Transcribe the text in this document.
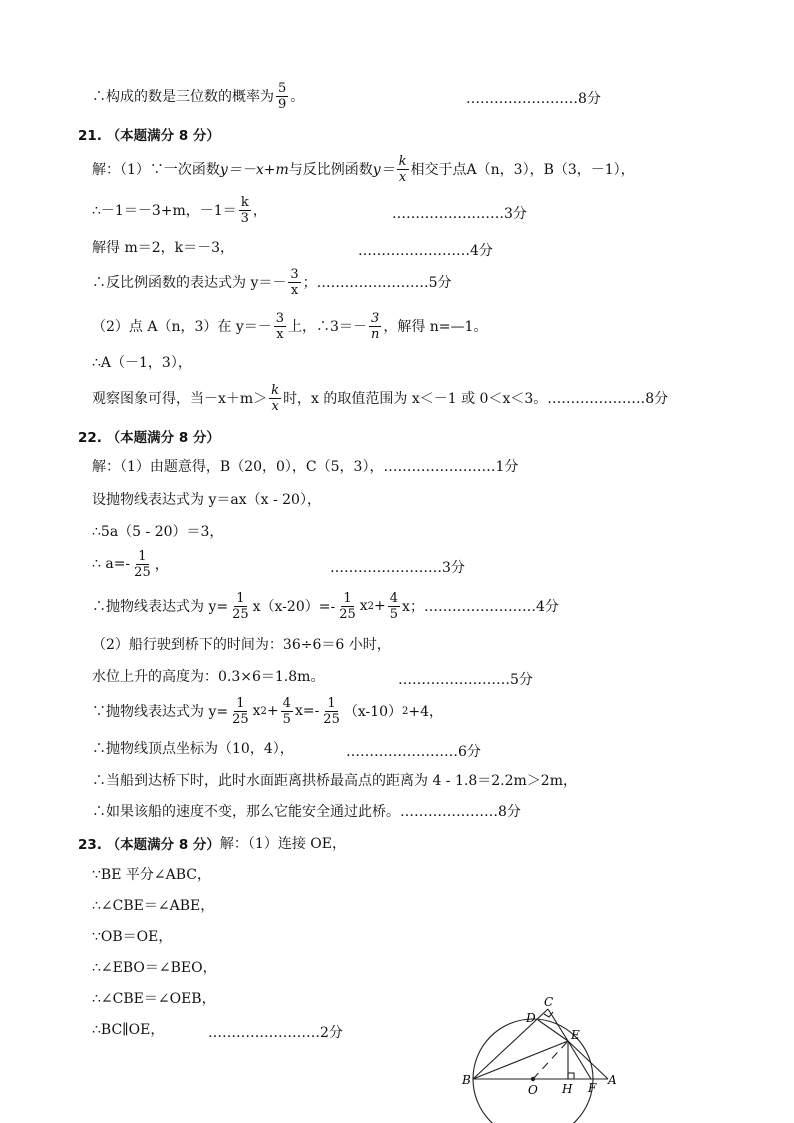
∴构成的数是三位数的概率为 $\frac{5}{9}$ 。	……………………8分
21. （本题满分 8 分）
解：（1）∵一次函数 y＝－x+m 与反比例函数 $y= \frac{k}{x}$ 相交于点 A（n，3），B（3，－1），
∴－1＝－3+m，$-1= \frac{k}{3}$ ，	……………………3分
解得 m＝2，k＝－3，	……………………4分
∴反比例函数的表达式为 $y=- \frac{3}{x}$ ；……………………5分
（2）点 A（n，3）在 $y=- \frac{3}{x}$ 上，∴3＝－ $\frac{3}{n}$ ，解得 n=—1。
∴A（－1，3），
观察图象可得，当$-x+m> \frac{k}{x}$ 时，x 的取值范围为 x＜－1 或 0＜x＜3。…………………8分
22. （本题满分 8 分）
解：（1）由题意得，B（20，0），C（5，3），……………………1分
设抛物线表达式为 y＝ax（x - 20），
∴5a（5 - 20）＝3，
∴ $a=- \frac{1}{25}$ ，	……………………3分
∴抛物线表达式为 $y= \frac{1}{25} x(x-20)=- \frac{1}{25}$ x $2 + \frac{4}{5}$ x；……………………4分
（2）船行驶到桥下的时间为：36÷6＝6 小时，
水位上升的高度为：0.3×6＝1.8m。	……………………5分
∵抛物线表达式为 $y= \frac{1}{25}$ x $2 + \frac{4}{5} x=- \frac{1}{25} (x-10)$ 2 +4，
∴抛物线顶点坐标为（10，4），	……………………6分
∴当船到达桥下时，此时水面距离拱桥最高点的距离为 4 - 1.8＝2.2m＞2m，
∴如果该船的速度不变，那么它能安全通过此桥。…………………8分
23. （本题满分 8 分） 解：（1）连接 OE，
∵BE 平分∠ABC，
∴∠CBE＝∠ABE，
∵OB＝OE，
∴∠EBO＝∠BEO，
∴∠CBE＝∠OEB，
∴BC∥OE，	……………………2分
B
O H F
A
E
D
C
